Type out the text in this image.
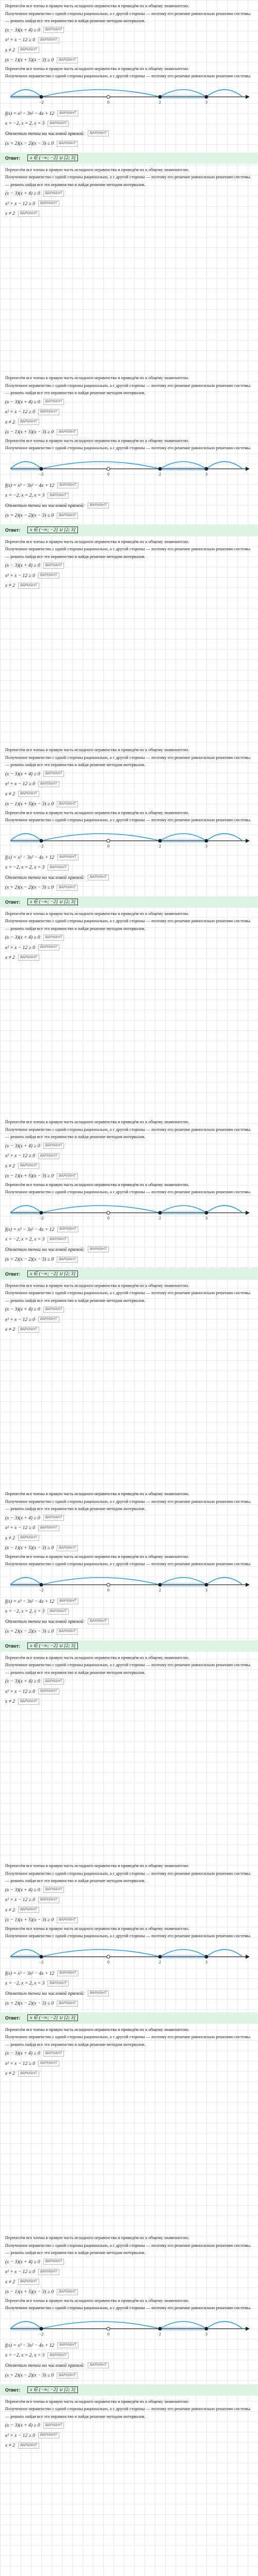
Перенесём все члены в правую часть исходного неравенства и приведём их к общему знаменателю.

Полученное неравенство с одной стороны рационально, а с другой стороны — поэтому его решение равносильно решению системы.

— решить найдя все это неравенство и найдя решение методом интервалов.

(x − 3)(x + 4) ≥ 0 ВАРИАНТ
x² + x − 12 ≥ 0 ВАРИАНТ
x ≠ 2 ВАРИАНТ
(x − 1)(x + 5)(x − 3) ≥ 0 ВАРИАНТ

Перенесём все члены в правую часть исходного неравенства и приведём их к общему знаменателю.

Полученное неравенство с одной стороны рационально, а с другой стороны — поэтому его решение равносильно решению системы.

−2	0	2	3
f(x) = x³ − 3x² − 4x + 12 ВАРИАНТ
x = −2, x = 2, x = 3 ВАРИАНТ
Отметим точки на числовой прямой: ВАРИАНТ
(x + 2)(x − 2)(x − 3) ≤ 0 ВАРИАНТ
Ответ:	x ∈ (−∞; −2] ∪ [2; 3]

Перенесём все члены в правую часть исходного неравенства и приведём их к общему знаменателю.

Полученное неравенство с одной стороны рационально, а с другой стороны — поэтому его решение равносильно решению системы.

— решить найдя все это неравенство и найдя решение методом интервалов.

(x − 3)(x + 4) ≥ 0 ВАРИАНТ
x² + x − 12 ≥ 0 ВАРИАНТ
x ≠ 2 ВАРИАНТ

Перенесём все члены в правую часть исходного неравенства и приведём их к общему знаменателю.

Полученное неравенство с одной стороны рационально, а с другой стороны — поэтому его решение равносильно решению системы.

— решить найдя все это неравенство и найдя решение методом интервалов.

(x − 3)(x + 4) ≥ 0 ВАРИАНТ
x² + x − 12 ≥ 0 ВАРИАНТ
x ≠ 2 ВАРИАНТ
(x − 1)(x + 5)(x − 3) ≥ 0 ВАРИАНТ

Перенесём все члены в правую часть исходного неравенства и приведём их к общему знаменателю.

Полученное неравенство с одной стороны рационально, а с другой стороны — поэтому его решение равносильно решению системы.

−2	0	2	3
f(x) = x³ − 3x² − 4x + 12 ВАРИАНТ
x = −2, x = 2, x = 3 ВАРИАНТ
Отметим точки на числовой прямой: ВАРИАНТ
(x + 2)(x − 2)(x − 3) ≤ 0 ВАРИАНТ
Ответ:	x ∈ (−∞; −2] ∪ [2; 3]

Перенесём все члены в правую часть исходного неравенства и приведём их к общему знаменателю.

Полученное неравенство с одной стороны рационально, а с другой стороны — поэтому его решение равносильно решению системы.

— решить найдя все это неравенство и найдя решение методом интервалов.

(x − 3)(x + 4) ≥ 0 ВАРИАНТ
x² + x − 12 ≥ 0 ВАРИАНТ
x ≠ 2 ВАРИАНТ

Перенесём все члены в правую часть исходного неравенства и приведём их к общему знаменателю.

Полученное неравенство с одной стороны рационально, а с другой стороны — поэтому его решение равносильно решению системы.

— решить найдя все это неравенство и найдя решение методом интервалов.

(x − 3)(x + 4) ≥ 0 ВАРИАНТ
x² + x − 12 ≥ 0 ВАРИАНТ
x ≠ 2 ВАРИАНТ
(x − 1)(x + 5)(x − 3) ≥ 0 ВАРИАНТ

Перенесём все члены в правую часть исходного неравенства и приведём их к общему знаменателю.

Полученное неравенство с одной стороны рационально, а с другой стороны — поэтому его решение равносильно решению системы.

−2	0	2	3
f(x) = x³ − 3x² − 4x + 12 ВАРИАНТ
x = −2, x = 2, x = 3 ВАРИАНТ
Отметим точки на числовой прямой: ВАРИАНТ
(x + 2)(x − 2)(x − 3) ≤ 0 ВАРИАНТ
Ответ:	x ∈ (−∞; −2] ∪ [2; 3]

Перенесём все члены в правую часть исходного неравенства и приведём их к общему знаменателю.

Полученное неравенство с одной стороны рационально, а с другой стороны — поэтому его решение равносильно решению системы.

— решить найдя все это неравенство и найдя решение методом интервалов.

(x − 3)(x + 4) ≥ 0 ВАРИАНТ
x² + x − 12 ≥ 0 ВАРИАНТ
x ≠ 2 ВАРИАНТ

Перенесём все члены в правую часть исходного неравенства и приведём их к общему знаменателю.

Полученное неравенство с одной стороны рационально, а с другой стороны — поэтому его решение равносильно решению системы.

— решить найдя все это неравенство и найдя решение методом интервалов.

(x − 3)(x + 4) ≥ 0 ВАРИАНТ
x² + x − 12 ≥ 0 ВАРИАНТ
x ≠ 2 ВАРИАНТ
(x − 1)(x + 5)(x − 3) ≥ 0 ВАРИАНТ

Перенесём все члены в правую часть исходного неравенства и приведём их к общему знаменателю.

Полученное неравенство с одной стороны рационально, а с другой стороны — поэтому его решение равносильно решению системы.

−2	0	2	3
f(x) = x³ − 3x² − 4x + 12 ВАРИАНТ
x = −2, x = 2, x = 3 ВАРИАНТ
Отметим точки на числовой прямой: ВАРИАНТ
(x + 2)(x − 2)(x − 3) ≤ 0 ВАРИАНТ
Ответ:	x ∈ (−∞; −2] ∪ [2; 3]

Перенесём все члены в правую часть исходного неравенства и приведём их к общему знаменателю.

Полученное неравенство с одной стороны рационально, а с другой стороны — поэтому его решение равносильно решению системы.

— решить найдя все это неравенство и найдя решение методом интервалов.

(x − 3)(x + 4) ≥ 0 ВАРИАНТ
x² + x − 12 ≥ 0 ВАРИАНТ
x ≠ 2 ВАРИАНТ

Перенесём все члены в правую часть исходного неравенства и приведём их к общему знаменателю.

Полученное неравенство с одной стороны рационально, а с другой стороны — поэтому его решение равносильно решению системы.

— решить найдя все это неравенство и найдя решение методом интервалов.

(x − 3)(x + 4) ≥ 0 ВАРИАНТ
x² + x − 12 ≥ 0 ВАРИАНТ
x ≠ 2 ВАРИАНТ
(x − 1)(x + 5)(x − 3) ≥ 0 ВАРИАНТ

Перенесём все члены в правую часть исходного неравенства и приведём их к общему знаменателю.

Полученное неравенство с одной стороны рационально, а с другой стороны — поэтому его решение равносильно решению системы.

−2	0	2	3
f(x) = x³ − 3x² − 4x + 12 ВАРИАНТ
x = −2, x = 2, x = 3 ВАРИАНТ
Отметим точки на числовой прямой: ВАРИАНТ
(x + 2)(x − 2)(x − 3) ≤ 0 ВАРИАНТ
Ответ:	x ∈ (−∞; −2] ∪ [2; 3]

Перенесём все члены в правую часть исходного неравенства и приведём их к общему знаменателю.

Полученное неравенство с одной стороны рационально, а с другой стороны — поэтому его решение равносильно решению системы.

— решить найдя все это неравенство и найдя решение методом интервалов.

(x − 3)(x + 4) ≥ 0 ВАРИАНТ
x² + x − 12 ≥ 0 ВАРИАНТ
x ≠ 2 ВАРИАНТ

Перенесём все члены в правую часть исходного неравенства и приведём их к общему знаменателю.

Полученное неравенство с одной стороны рационально, а с другой стороны — поэтому его решение равносильно решению системы.

— решить найдя все это неравенство и найдя решение методом интервалов.

(x − 3)(x + 4) ≥ 0 ВАРИАНТ
x² + x − 12 ≥ 0 ВАРИАНТ
x ≠ 2 ВАРИАНТ
(x − 1)(x + 5)(x − 3) ≥ 0 ВАРИАНТ

Перенесём все члены в правую часть исходного неравенства и приведём их к общему знаменателю.

Полученное неравенство с одной стороны рационально, а с другой стороны — поэтому его решение равносильно решению системы.

−2	0	2	3
f(x) = x³ − 3x² − 4x + 12 ВАРИАНТ
x = −2, x = 2, x = 3 ВАРИАНТ
Отметим точки на числовой прямой: ВАРИАНТ
(x + 2)(x − 2)(x − 3) ≤ 0 ВАРИАНТ
Ответ:	x ∈ (−∞; −2] ∪ [2; 3]

Перенесём все члены в правую часть исходного неравенства и приведём их к общему знаменателю.

Полученное неравенство с одной стороны рационально, а с другой стороны — поэтому его решение равносильно решению системы.

— решить найдя все это неравенство и найдя решение методом интервалов.

(x − 3)(x + 4) ≥ 0 ВАРИАНТ
x² + x − 12 ≥ 0 ВАРИАНТ
x ≠ 2 ВАРИАНТ

Перенесём все члены в правую часть исходного неравенства и приведём их к общему знаменателю.

Полученное неравенство с одной стороны рационально, а с другой стороны — поэтому его решение равносильно решению системы.

— решить найдя все это неравенство и найдя решение методом интервалов.

(x − 3)(x + 4) ≥ 0 ВАРИАНТ
x² + x − 12 ≥ 0 ВАРИАНТ
x ≠ 2 ВАРИАНТ
(x − 1)(x + 5)(x − 3) ≥ 0 ВАРИАНТ

Перенесём все члены в правую часть исходного неравенства и приведём их к общему знаменателю.

Полученное неравенство с одной стороны рационально, а с другой стороны — поэтому его решение равносильно решению системы.

−2	0	2	3
f(x) = x³ − 3x² − 4x + 12 ВАРИАНТ
x = −2, x = 2, x = 3 ВАРИАНТ
Отметим точки на числовой прямой: ВАРИАНТ
(x + 2)(x − 2)(x − 3) ≤ 0 ВАРИАНТ
Ответ:	x ∈ (−∞; −2] ∪ [2; 3]

Перенесём все члены в правую часть исходного неравенства и приведём их к общему знаменателю.

Полученное неравенство с одной стороны рационально, а с другой стороны — поэтому его решение равносильно решению системы.

— решить найдя все это неравенство и найдя решение методом интервалов.

(x − 3)(x + 4) ≥ 0 ВАРИАНТ
x² + x − 12 ≥ 0 ВАРИАНТ
x ≠ 2 ВАРИАНТ
